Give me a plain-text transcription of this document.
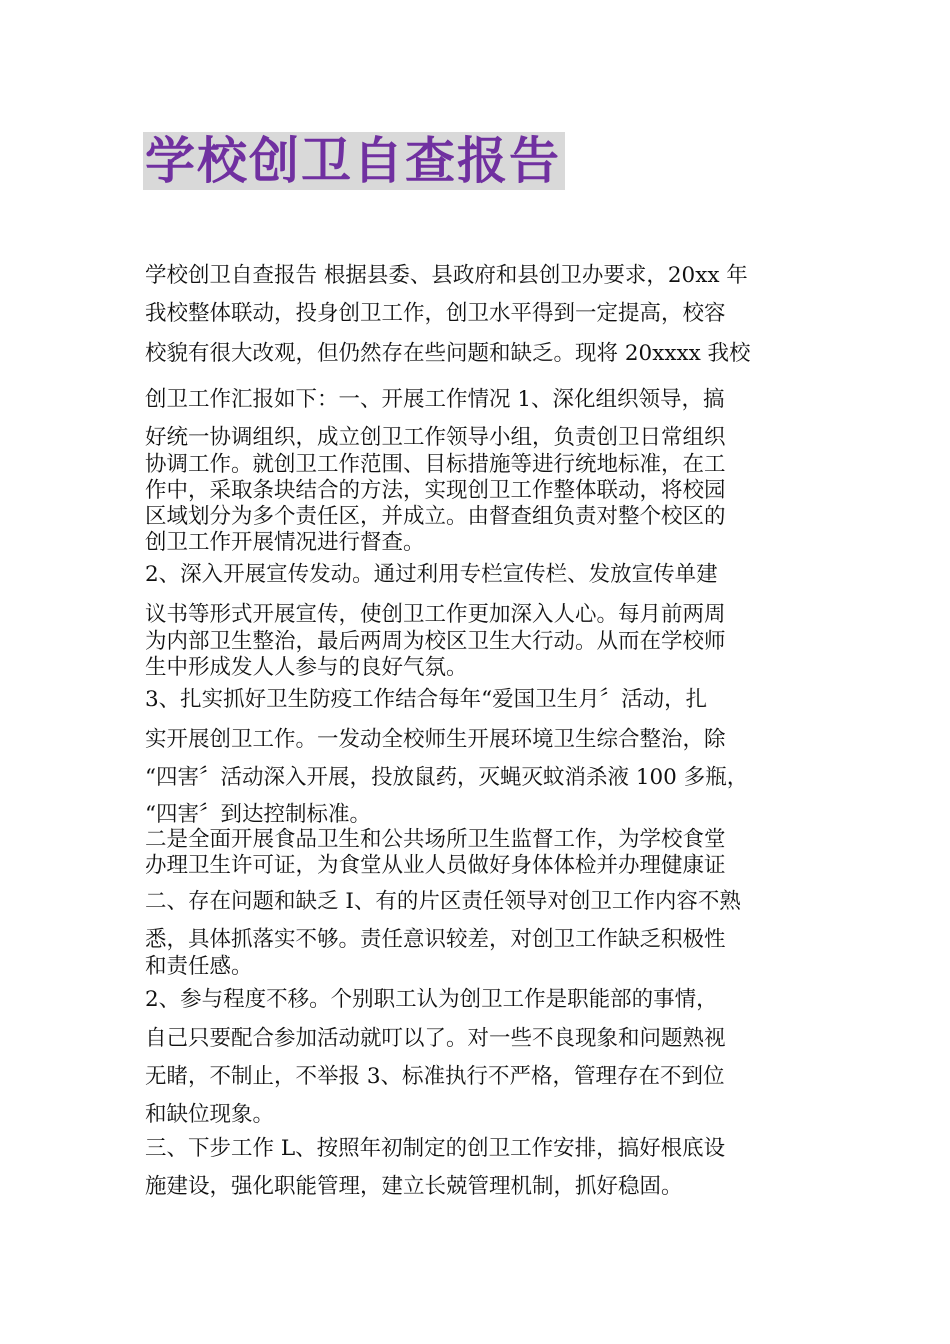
学校创卫自查报告
学校创卫自查报告 根据县委、县政府和县创卫办要求，20xx 年
我校整体联动，投身创卫工作，创卫水平得到一定提高，校容
校貌有很大改观，但仍然存在些问题和缺乏。现将 20xxxx 我校
创卫工作汇报如下：一、开展工作情况 1、深化组织领导，搞
好统一协调组织，成立创卫工作领导小组，负责创卫日常组织
协调工作。就创卫工作范围、目标措施等进行统地标准，在工
作中，采取条块结合的方法，实现创卫工作整体联动，将校园
区域划分为多个责任区，并成立。由督查组负责对整个校区的
创卫工作开展情况进行督查。
2、深入开展宣传发动。通过利用专栏宣传栏、发放宣传单建
议书等形式开展宣传，使创卫工作更加深入人心。每月前两周
为内部卫生整治，最后两周为校区卫生大行动。从而在学校师
生中形成发人人参与的良好气氛。
3、扎实抓好卫生防疫工作结合每年“爱国卫生月〞活动，扎
实开展创卫工作。一发动全校师生开展环境卫生综合整治，除
“四害〞活动深入开展，投放鼠药，灭蝇灭蚊消杀液 100 多瓶，
“四害〞到达控制标准。
二是全面开展食品卫生和公共场所卫生监督工作，为学校食堂
办理卫生许可证，为食堂从业人员做好身体体检并办理健康证
二、存在问题和缺乏 I、有的片区责任领导对创卫工作内容不熟
悉，具体抓落实不够。责任意识较差，对创卫工作缺乏积极性
和责任感。
2、参与程度不移。个别职工认为创卫工作是职能部的事情，
自己只要配合参加活动就叮以了。对一些不良现象和问题熟视
无睹，不制止，不举报 3、标准执行不严格，管理存在不到位
和缺位现象。
三、下步工作 L、按照年初制定的创卫工作安排，搞好根底设
施建设，强化职能管理，建立长兢管理机制，抓好稳固。
